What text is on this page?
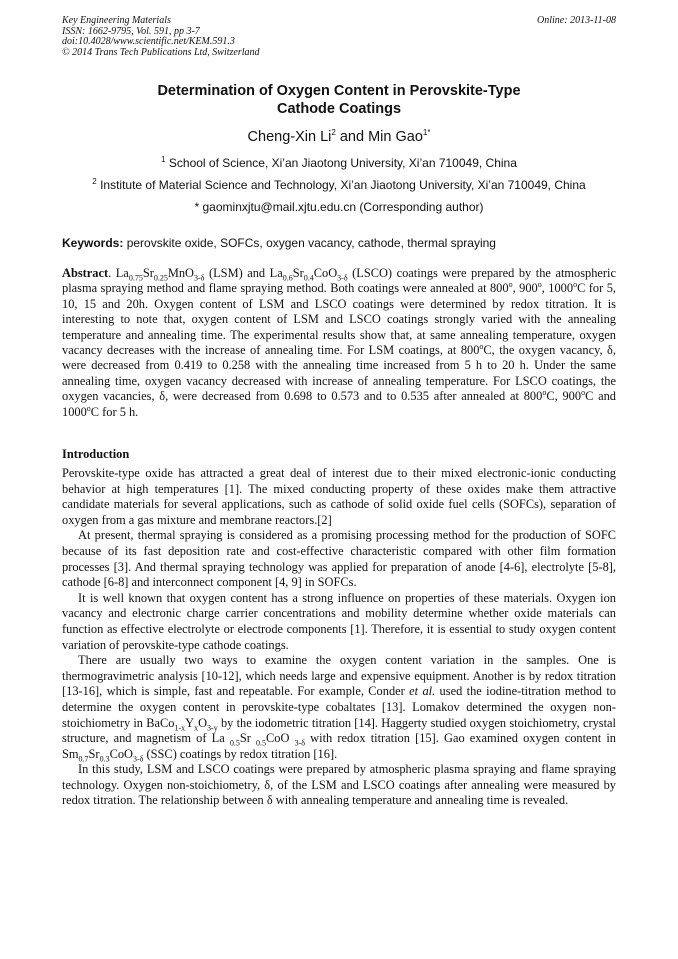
Key Engineering Materials
ISSN: 1662-9795, Vol. 591, pp 3-7
doi:10.4028/www.scientific.net/KEM.591.3
© 2014 Trans Tech Publications Ltd, Switzerland
Online: 2013-11-08
Determination of Oxygen Content in Perovskite-Type
Cathode Coatings
Cheng-Xin Li$^2$ and Min Gao$^{1*}$
$^1$ School of Science, Xi’an Jiaotong University, Xi’an 710049, China
$^2$ Institute of Material Science and Technology, Xi’an Jiaotong University, Xi’an 710049, China
* gaominxjtu@mail.xjtu.edu.cn (Corresponding author)
Keywords: perovskite oxide, SOFCs, oxygen vacancy, cathode, thermal spraying

Abstract. $La_{0.75}Sr_{0.25}MnO_{3-\delta}$ (LSM) and $La_{0.6}Sr_{0.4}CoO_{3-\delta}$ (LSCO) coatings were prepared by the atmospheric plasma spraying method and flame spraying method. Both coatings were annealed at 800$^o$, 900$^o$, 1000$^o$C for 5, 10, 15 and 20h. Oxygen content of LSM and LSCO coatings were determined by redox titration. It is interesting to note that, oxygen content of LSM and LSCO coatings strongly varied with the annealing temperature and annealing time. The experimental results show that, at same annealing temperature, oxygen vacancy decreases with the increase of annealing time. For LSM coatings, at 800$^o$C, the oxygen vacancy, δ, were decreased from 0.419 to 0.258 with the annealing time increased from 5 h to 20 h. Under the same annealing time, oxygen vacancy decreased with increase of annealing temperature. For LSCO coatings, the oxygen vacancies, δ, were decreased from 0.698 to 0.573 and to 0.535 after annealed at 800$^o$C, 900$^o$C and 1000$^o$C for 5 h.

Introduction

Perovskite-type oxide has attracted a great deal of interest due to their mixed electronic-ionic conducting behavior at high temperatures [1]. The mixed conducting property of these oxides make them attractive candidate materials for several applications, such as cathode of solid oxide fuel cells (SOFCs), separation of oxygen from a gas mixture and membrane reactors.[2]

At present, thermal spraying is considered as a promising processing method for the production of SOFC because of its fast deposition rate and cost-effective characteristic compared with other film formation processes [3]. And thermal spraying technology was applied for preparation of anode [4-6], electrolyte [5-8], cathode [6-8] and interconnect component [4, 9] in SOFCs.

It is well known that oxygen content has a strong influence on properties of these materials. Oxygen ion vacancy and electronic charge carrier concentrations and mobility determine whether oxide materials can function as effective electrolyte or electrode components [1]. Therefore, it is essential to study oxygen content variation of perovskite-type cathode coatings.

There are usually two ways to examine the oxygen content variation in the samples. One is thermogravimetric analysis [10-12], which needs large and expensive equipment. Another is by redox titration [13-16], which is simple, fast and repeatable. For example, Conder et al. used the iodine-titration method to determine the oxygen content in perovskite-type cobaltates [13]. Lomakov determined the oxygen non-stoichiometry in $BaCo_{1-x}Y_xO_{3-y}$ by the iodometric titration [14]. Haggerty studied oxygen stoichiometry, crystal structure, and magnetism of La $_{0.5}$Sr $_{0.5}$CoO $_{3-\delta}$ with redox titration [15]. Gao examined oxygen content in $Sm_{0.7}Sr_{0.3}CoO_{3-\delta}$ (SSC) coatings by redox titration [16].

In this study, LSM and LSCO coatings were prepared by atmospheric plasma spraying and flame spraying technology. Oxygen non-stoichiometry, δ, of the LSM and LSCO coatings after annealing were measured by redox titration. The relationship between δ with annealing temperature and annealing time is revealed.
